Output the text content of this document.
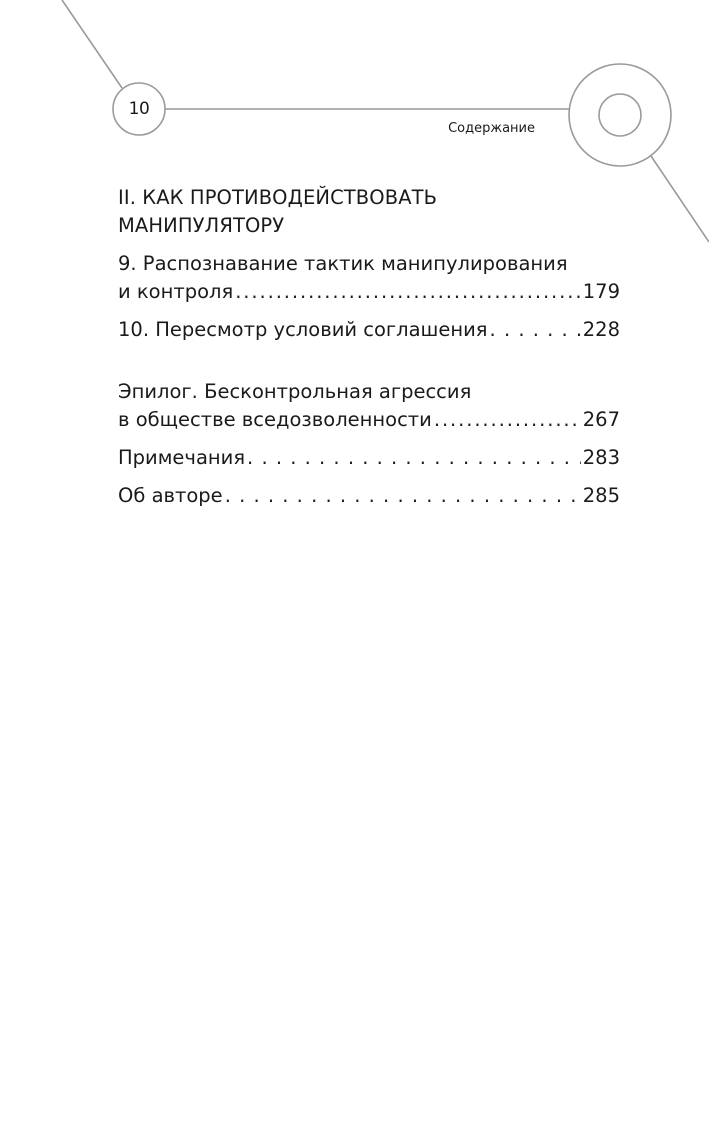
10
Содержание
II. КАК ПРОТИВОДЕЙСТВОВАТЬ
МАНИПУЛЯТОРУ
9. Распознавание тактик манипулирования
и контроля .....	179
10. Пересмотр условий соглашения . . .	228
Эпилог. Бесконтрольная агрессия
в обществе вседозволенности .....	267
Примечания . . .	283
Об авторе . . .	285
